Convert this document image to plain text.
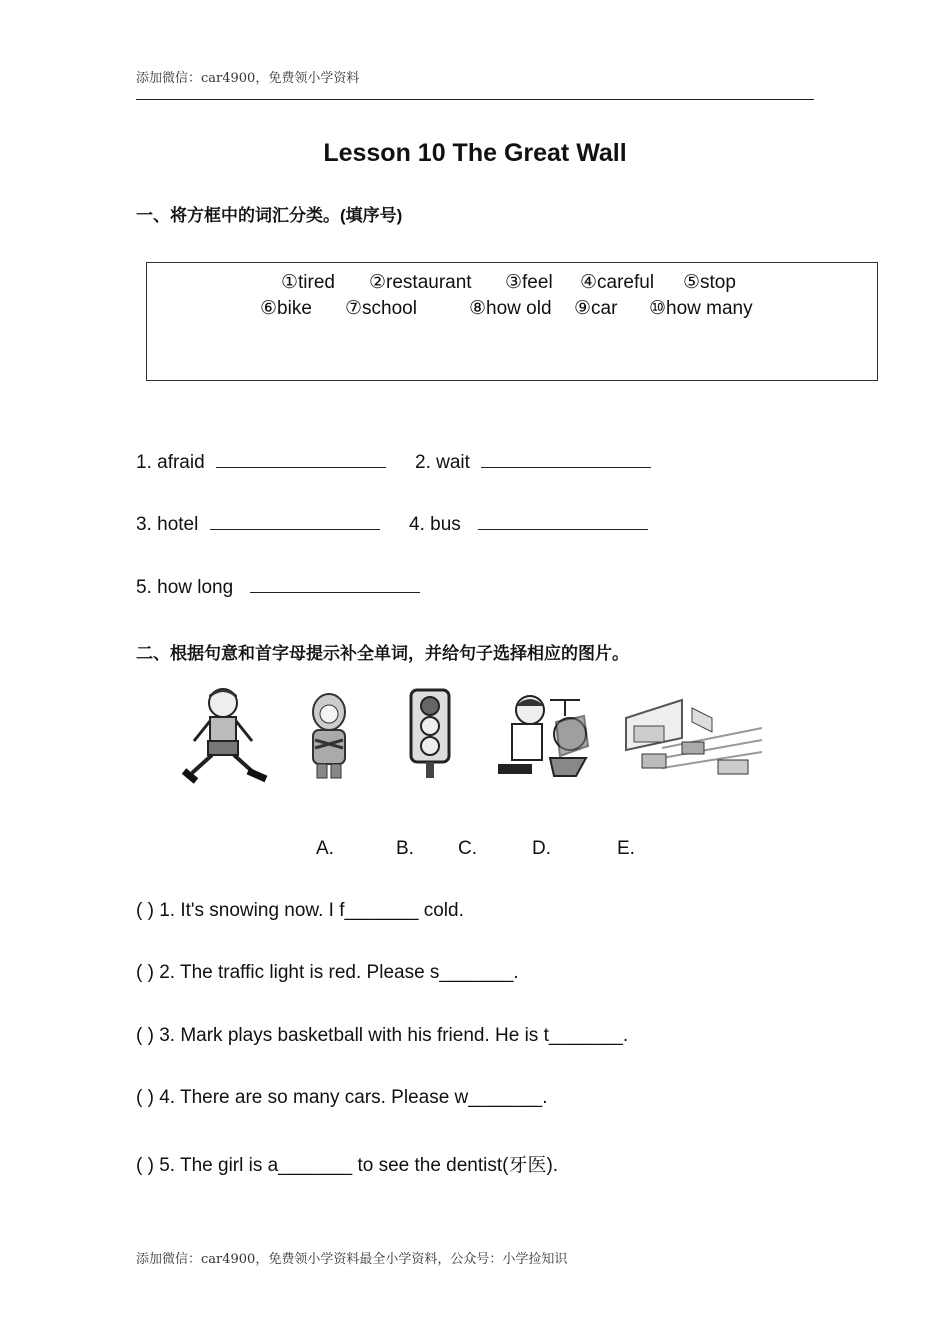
添加微信：car4900，免费领小学资料
Lesson 10 The Great Wall
一、将方框中的词汇分类。(填序号)
①tired ②restaurant ③feel ④careful ⑤stop
⑥bike ⑦school	⑧how old ⑨car ⑩how many
1. afraid	2. wait
3. hotel	4. bus
5. how long
二、根据句意和首字母提示补全单词，并给句子选择相应的图片。
A.	B. C.	D.	E.
( ) 1. It's snowing now. I f_______ cold.
( ) 2. The traffic light is red. Please s_______.
( ) 3. Mark plays basketball with his friend. He is t_______.
( ) 4. There are so many cars. Please w_______.
( ) 5. The girl is a_______ to see the dentist(牙医).
添加微信：car4900，免费领小学资料最全小学资料，公众号：小学捡知识
